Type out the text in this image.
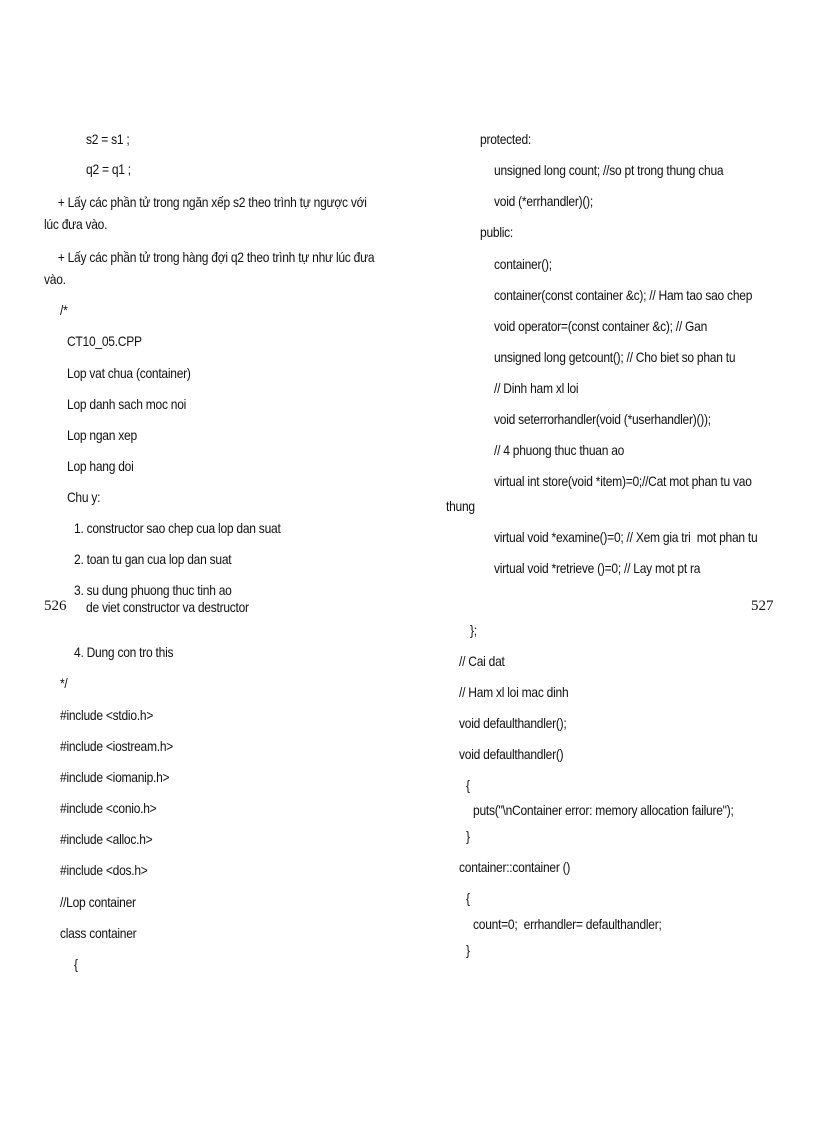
s2 = s1 ;
q2 = q1 ;
+ Lấy các phần tử trong ngăn xếp s2 theo trình tự ngược với lúc đưa vào.
+ Lấy các phần tử trong hàng đợi q2 theo trình tự như lúc đưa vào.
/*
CT10_05.CPP
Lop vat chua (container)
Lop danh sach moc noi
Lop ngan xep
Lop hang doi
Chu y:
1. constructor sao chep cua lop dan suat
2. toan tu gan cua lop dan suat
3. su dung phuong thuc tinh ao
526	527
de viet constructor va destructor
4. Dung con tro this
*/
#include <stdio.h>
#include <iostream.h>
#include <iomanip.h>
#include <conio.h>
#include <alloc.h>
#include <dos.h>
//Lop container
class container
{
protected:
unsigned long count; //so pt trong thung chua
void (*errhandler)();
public:
container();
container(const container &c); // Ham tao sao chep
void operator=(const container &c); // Gan
unsigned long getcount(); // Cho biet so phan tu
// Dinh ham xl loi
void seterrorhandler(void (*userhandler)());
// 4 phuong thuc thuan ao
virtual int store(void *item)=0;//Cat mot phan tu vao
thung
virtual void *examine()=0; // Xem gia tri  mot phan tu
virtual void *retrieve ()=0; // Lay mot pt ra
};
// Cai dat
// Ham xl loi mac dinh
void defaulthandler();
void defaulthandler()
{
puts("\nContainer error: memory allocation failure");
}
container::container ()
{
count=0;  errhandler= defaulthandler;
}
